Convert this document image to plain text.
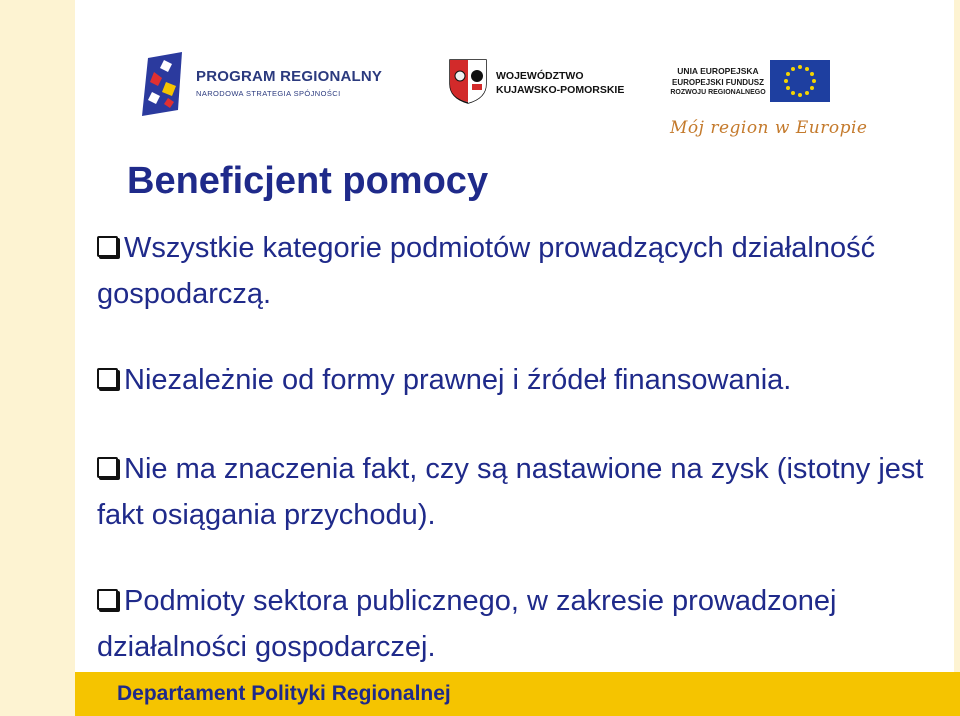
PROGRAM REGIONALNY
NARODOWA STRATEGIA SPÓJNOŚCI
WOJEWÓDZTWO
KUJAWSKO-POMORSKIE
UNIA EUROPEJSKA
EUROPEJSKI FUNDUSZ
ROZWOJU REGIONALNEGO
Mój region w Europie
Beneficjent pomocy
Wszystkie kategorie podmiotów prowadzących działalność gospodarczą.
Niezależnie od formy prawnej i źródeł finansowania.
Nie ma znaczenia fakt, czy są nastawione na zysk (istotny jest fakt osiągania przychodu).
Podmioty sektora publicznego, w zakresie prowadzonej działalności gospodarczej.
Departament Polityki Regionalnej
